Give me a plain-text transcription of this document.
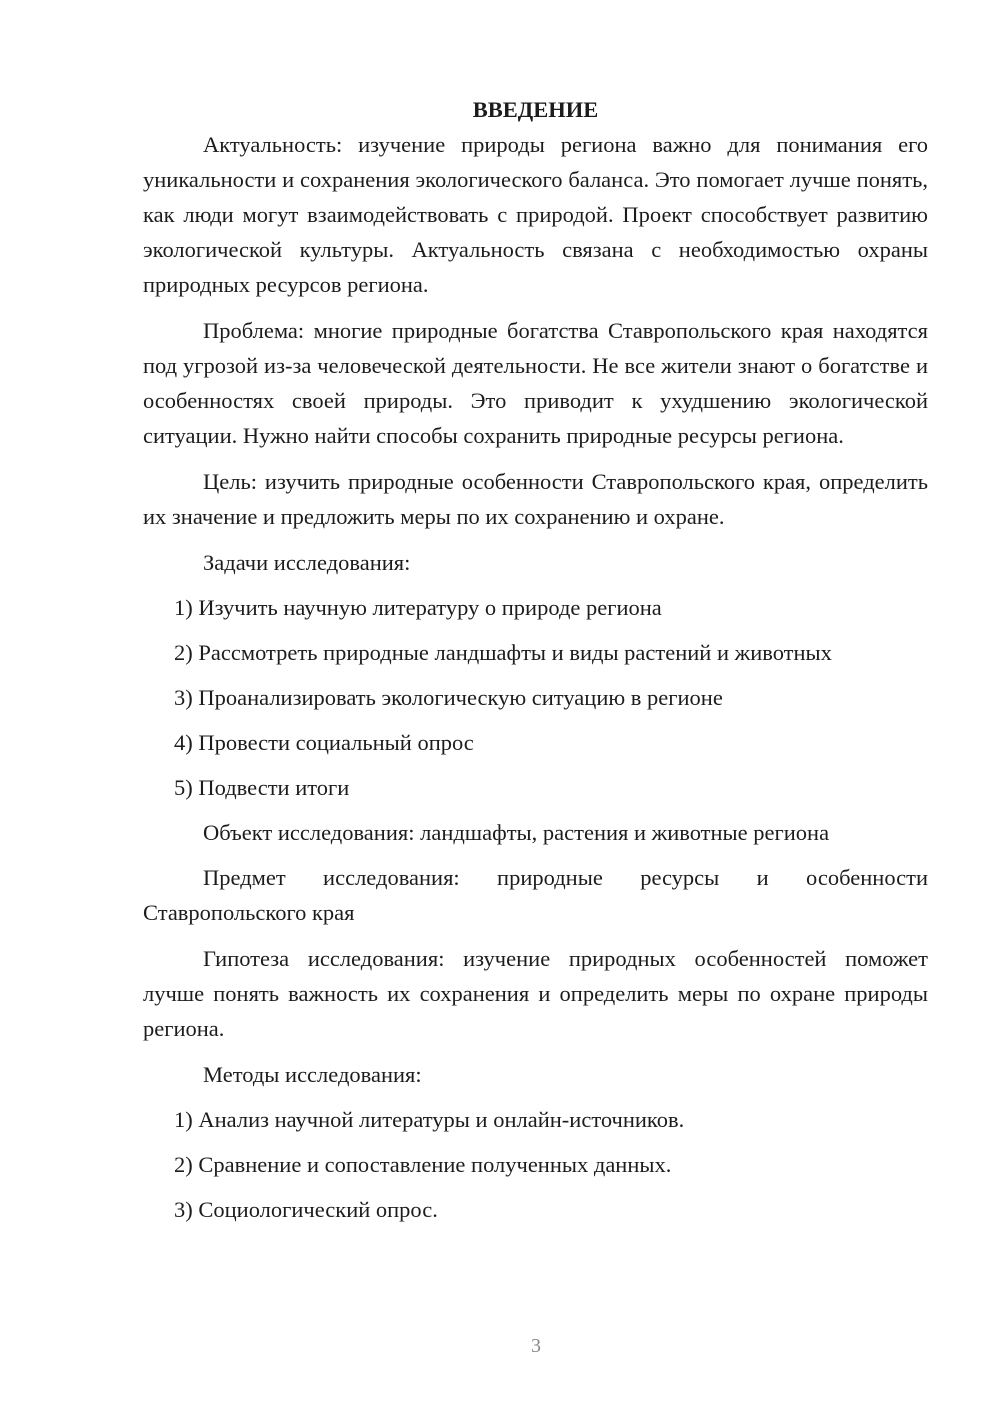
ВВЕДЕНИЕ

Актуальность: изучение природы региона важно для понимания его уникальности и сохранения экологического баланса. Это помогает лучше понять, как люди могут взаимодействовать с природой. Проект способствует развитию экологической культуры. Актуальность связана с необходимостью охраны природных ресурсов региона.

Проблема: многие природные богатства Ставропольского края находятся под угрозой из-за человеческой деятельности. Не все жители знают о богатстве и особенностях своей природы. Это приводит к ухудшению экологической ситуации. Нужно найти способы сохранить природные ресурсы региона.

Цель: изучить природные особенности Ставропольского края, определить их значение и предложить меры по их сохранению и охране.

Задачи исследования:
1) Изучить научную литературу о природе региона
2) Рассмотреть природные ландшафты и виды растений и животных
3) Проанализировать экологическую ситуацию в регионе
4) Провести социальный опрос
5) Подвести итоги
Объект исследования: ландшафты, растения и животные региона

Предмет исследования: природные ресурсы и особенности Ставропольского края

Гипотеза исследования: изучение природных особенностей поможет лучше понять важность их сохранения и определить меры по охране природы региона.

Методы исследования:
1) Анализ научной литературы и онлайн-источников.
2) Сравнение и сопоставление полученных данных.
3) Социологический опрос.
3
